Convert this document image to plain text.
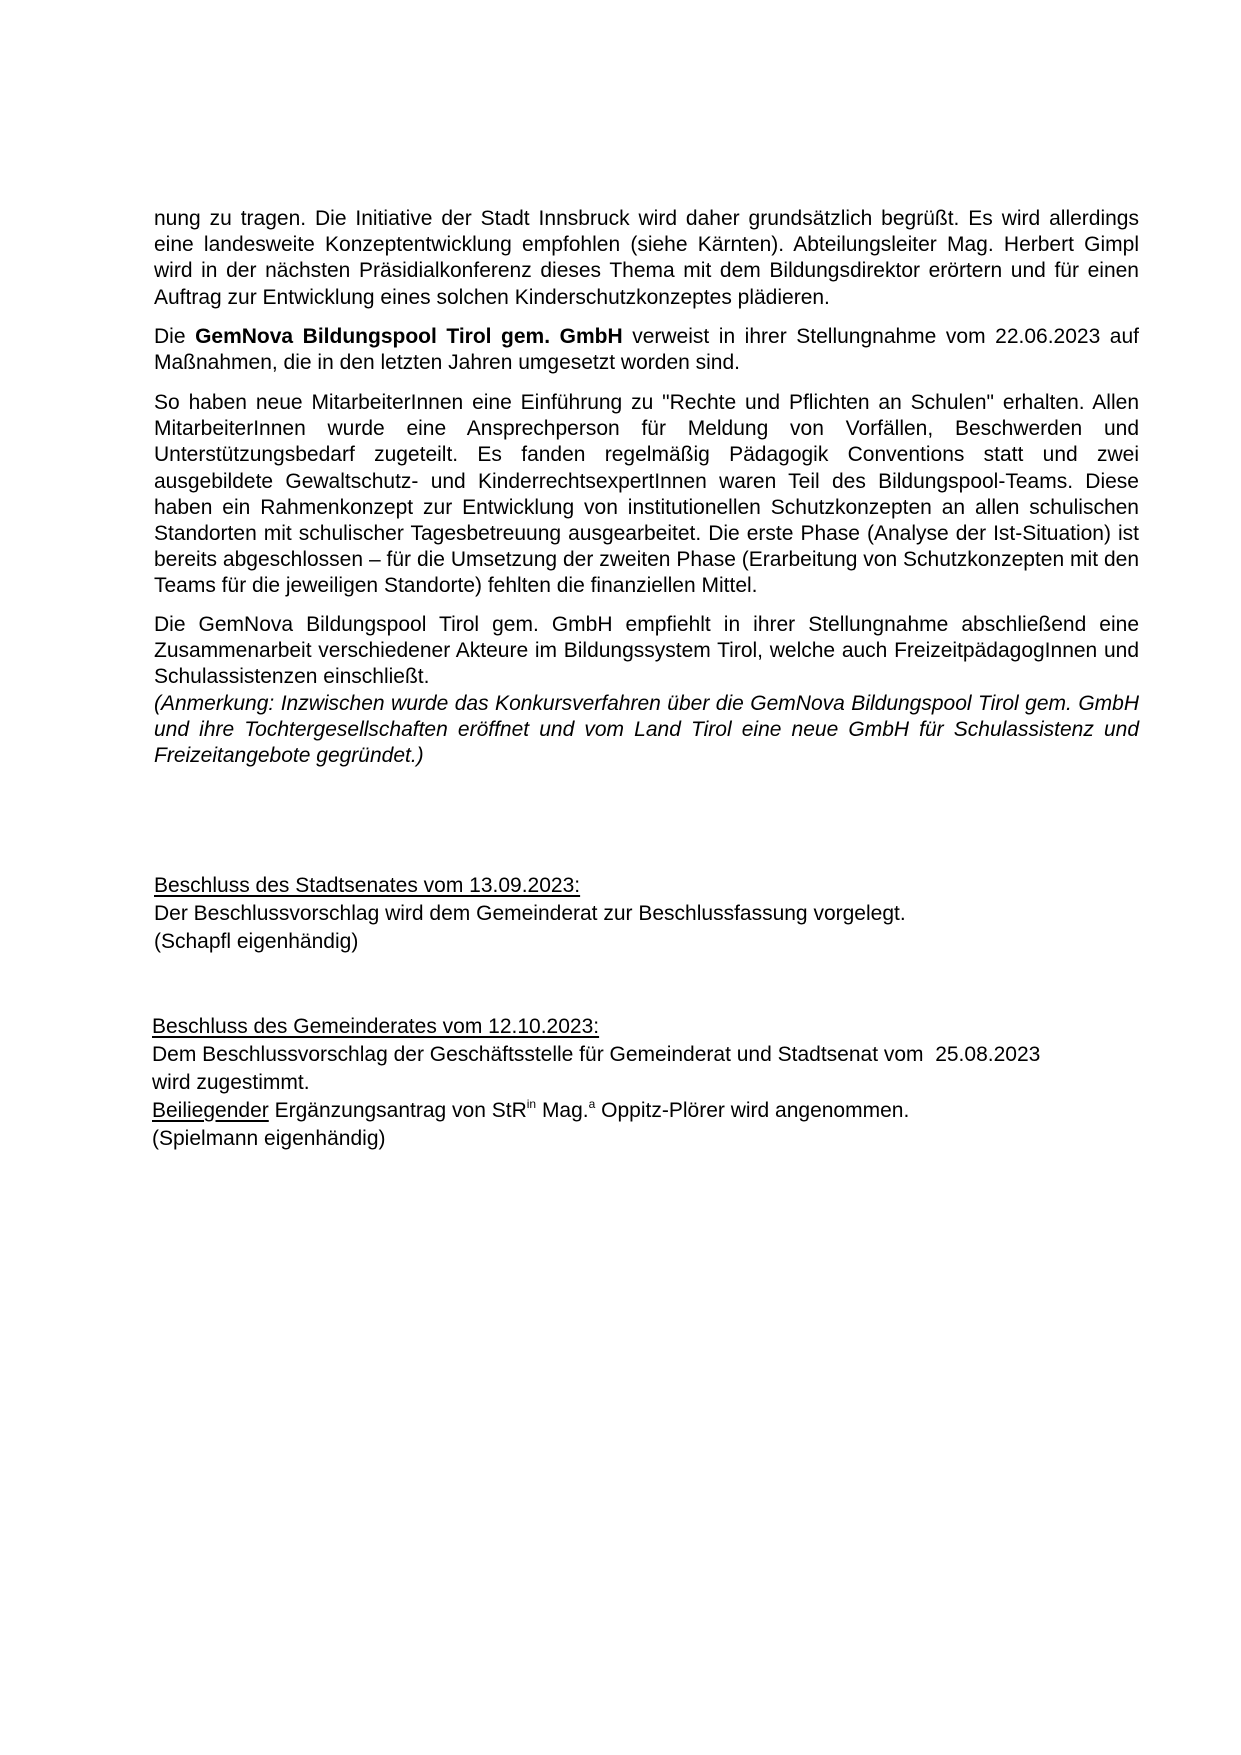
nung zu tragen. Die Initiative der Stadt Innsbruck wird daher grundsätzlich begrüßt. Es wird allerdings eine landesweite Konzeptentwicklung empfohlen (siehe Kärnten). Abteilungsleiter Mag. Herbert Gimpl wird in der nächsten Präsidialkonferenz dieses Thema mit dem Bildungsdirektor erörtern und für einen Auftrag zur Entwicklung eines solchen Kinderschutzkonzeptes plädieren.

Die GemNova Bildungspool Tirol gem. GmbH verweist in ihrer Stellungnahme vom 22.06.2023 auf Maßnahmen, die in den letzten Jahren umgesetzt worden sind.

So haben neue MitarbeiterInnen eine Einführung zu "Rechte und Pflichten an Schulen" erhalten. Allen MitarbeiterInnen wurde eine Ansprechperson für Meldung von Vorfällen, Beschwerden und Unterstützungsbedarf zugeteilt. Es fanden regelmäßig Pädagogik Conventions statt und zwei ausgebildete Gewaltschutz- und KinderrechtsexpertInnen waren Teil des Bildungspool-Teams. Diese haben ein Rahmenkonzept zur Entwicklung von institutionellen Schutzkonzepten an allen schulischen Standorten mit schulischer Tagesbetreuung ausgearbeitet. Die erste Phase (Analyse der Ist-Situation) ist bereits abgeschlossen – für die Umsetzung der zweiten Phase (Erarbeitung von Schutzkonzepten mit den Teams für die jeweiligen Standorte) fehlten die finanziellen Mittel.

Die GemNova Bildungspool Tirol gem. GmbH empfiehlt in ihrer Stellungnahme abschließend eine Zusammenarbeit verschiedener Akteure im Bildungssystem Tirol, welche auch FreizeitpädagogInnen und Schulassistenzen einschließt.

(Anmerkung: Inzwischen wurde das Konkursverfahren über die GemNova Bildungspool Tirol gem. GmbH und ihre Tochtergesellschaften eröffnet und vom Land Tirol eine neue GmbH für Schulassistenz und Freizeitangebote gegründet.)

Beschluss des Stadtsenates vom 13.09.2023:
Der Beschlussvorschlag wird dem Gemeinderat zur Beschlussfassung vorgelegt.
(Schapfl eigenhändig)
Beschluss des Gemeinderates vom 12.10.2023:
Dem Beschlussvorschlag der Geschäftsstelle für Gemeinderat und Stadtsenat vom  25.08.2023
wird zugestimmt.
Beiliegender Ergänzungsantrag von StR$^{in}$ Mag.$^a$ Oppitz-Plörer wird angenommen.
(Spielmann eigenhändig)
